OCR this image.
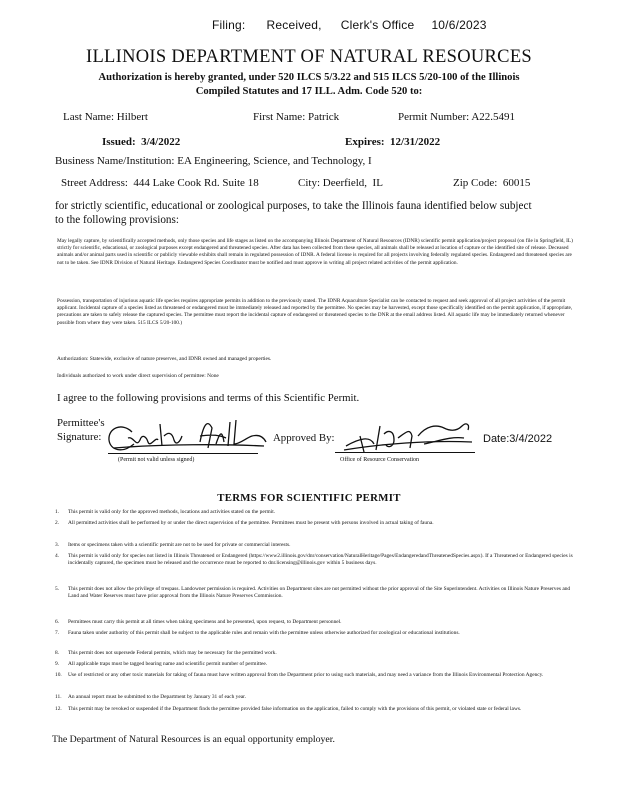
Filing: Received, Clerk's Office 10/6/2023
ILLINOIS DEPARTMENT OF NATURAL RESOURCES
Authorization is hereby granted, under 520 ILCS 5/3.22 and 515 ILCS 5/20-100 of the Illinois
Compiled Statutes and 17 ILL. Adm. Code 520 to:
Last Name: Hilbert	First Name: Patrick	Permit Number: A22.5491
Issued: 3/4/2022	Expires: 12/31/2022
Business Name/Institution: EA Engineering, Science, and Technology, I
Street Address: 444 Lake Cook Rd. Suite 18	City: Deerfield, IL	Zip Code: 60015
for strictly scientific, educational or zoological purposes, to take the Illinois fauna identified below subject
to the following provisions:
May legally capture, by scientifically accepted methods, only those species and life stages as listed on the accompanying Illinois Department of Natural Resources (IDNR) scientific permit application/project proposal (on file in Springfield, IL) strictly for scientific, educational, or zoological purposes except endangered and threatened species. After data has been collected from these species, all animals shall be released at location of capture or the identified site of release. Deceased animals and/or animal parts used in scientific or publicly viewable exhibits shall remain in regulated possession of IDNR. A federal license is required for all projects involving federally regulated species. Endangered and threatened species are not to be taken. See IDNR Division of Natural Heritage. Endangered Species Coordinator must be notified and must approve in writing all project related activities of the permit application.
Possession, transportation of injurious aquatic life species requires appropriate permits in addition to the previously stated. The IDNR Aquaculture Specialist can be contacted to request and seek approval of all project activities of the permit applicant. Incidental capture of a species listed as threatened or endangered must be immediately released and reported by the permittee. No species may be harvested, except those specifically identified on the permit application, if appropriate, precautions are taken to safely release the captured species. The permittee must report the incidental capture of endangered or threatened species to the DNR at the email address listed. All aquatic life may be immediately returned whenever possible from where they were taken. 515 ILCS 5/20-100.)
Authorization: Statewide, exclusive of nature preserves, and IDNR owned and managed properties.
Individuals authorized to work under direct supervision of permittee: None
I agree to the following provisions and terms of this Scientific Permit.
Permittee's
Signature:
(Permit not valid unless signed)
Approved By:
Office of Resource Conservation
Date:3/4/2022
TERMS FOR SCIENTIFIC PERMIT
1. This permit is valid only for the approved methods, locations and activities stated on the permit.
2. All permitted activities shall be performed by or under the direct supervision of the permittee. Permittees must be present with persons involved in actual taking of fauna.
3. Items or specimens taken with a scientific permit are not to be used for private or commercial interests.
4. This permit is valid only for species not listed in Illinois Threatened or Endangered (https://www2.illinois.gov/dnr/conservation/NaturalHeritage/Pages/EndangeredandThreatenedSpecies.aspx). If a Threatened or Endangered species is incidentally captured, the specimen must be released and the occurrence must be reported to dnr.licensing@illinois.gov within 5 business days.
5. This permit does not allow the privilege of trespass. Landowner permission is required. Activities on Department sites are not permitted without the prior approval of the Site Superintendent. Activities on Illinois Nature Preserves and Land and Water Reserves must have prior approval from the Illinois Nature Preserves Commission.
6. Permittees must carry this permit at all times when taking specimens and be presented, upon request, to Department personnel.
7. Fauna taken under authority of this permit shall be subject to the applicable rules and remain with the permittee unless otherwise authorized for zoological or educational institutions.
8. This permit does not supersede Federal permits, which may be necessary for the permitted work.
9. All applicable traps must be tagged bearing name and scientific permit number of permittee.
10. Use of restricted or any other toxic materials for taking of fauna must have written approval from the Department prior to using such materials, and may need a variance from the Illinois Environmental Protection Agency.
11. An annual report must be submitted to the Department by January 31 of each year.
12. This permit may be revoked or suspended if the Department finds the permittee provided false information on the application, failed to comply with the provisions of this permit, or violated state or federal laws.
The Department of Natural Resources is an equal opportunity employer.
